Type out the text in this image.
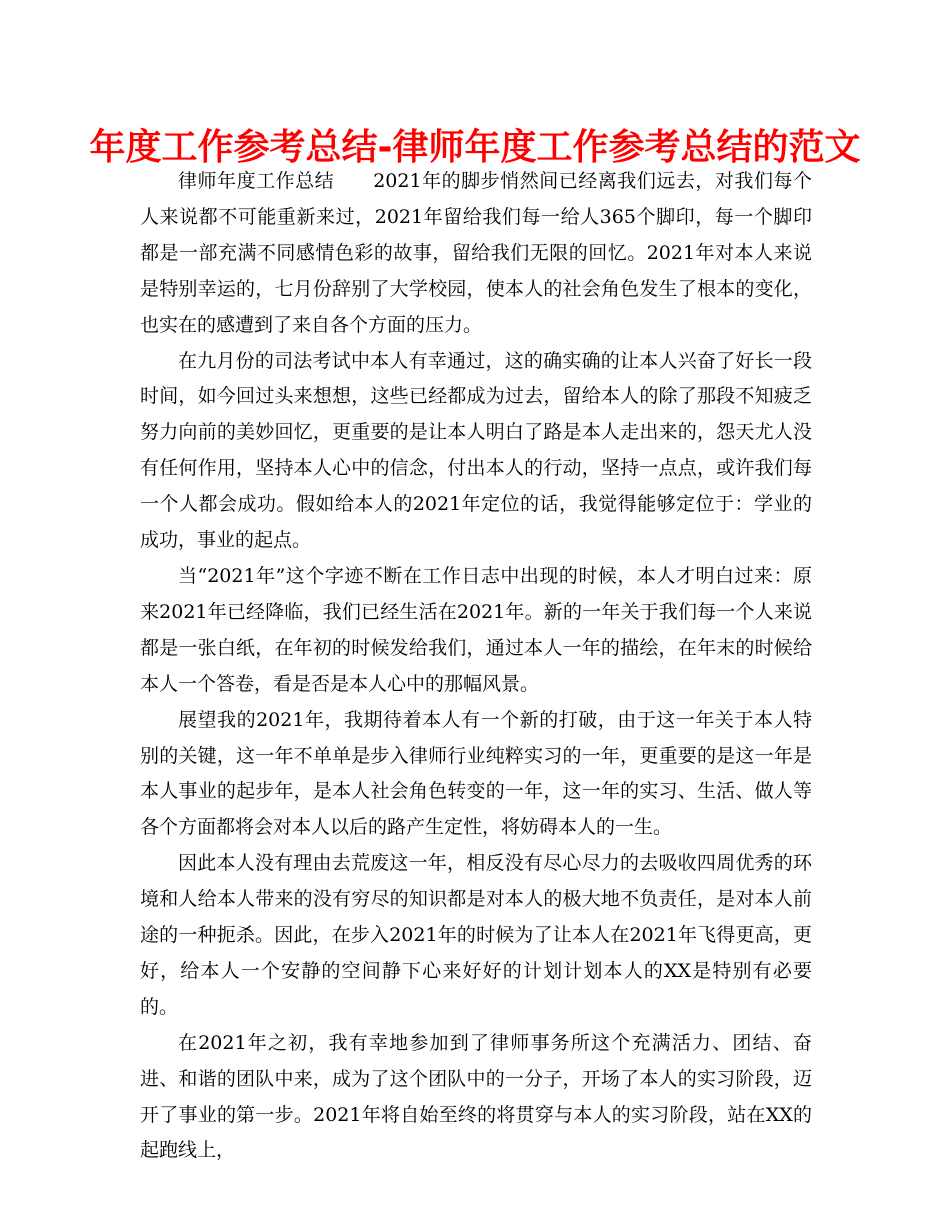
年度工作参考总结-律师年度工作参考总结的范文

律师年度工作总结　　2021年的脚步悄然间已经离我们远去，对我们每个人来说都不可能重新来过，2021年留给我们每一给人365个脚印，每一个脚印都是一部充满不同感情色彩的故事，留给我们无限的回忆。2021年对本人来说是特别幸运的，七月份辞别了大学校园，使本人的社会角色发生了根本的变化，也实在的感遭到了来自各个方面的压力。

在九月份的司法考试中本人有幸通过，这的确实确的让本人兴奋了好长一段时间，如今回过头来想想，这些已经都成为过去，留给本人的除了那段不知疲乏努力向前的美妙回忆，更重要的是让本人明白了路是本人走出来的，怨天尤人没有任何作用，坚持本人心中的信念，付出本人的行动，坚持一点点，或许我们每一个人都会成功。假如给本人的2021年定位的话，我觉得能够定位于：学业的成功，事业的起点。

当“2021年”这个字迹不断在工作日志中出现的时候，本人才明白过来：原来2021年已经降临，我们已经生活在2021年。新的一年关于我们每一个人来说都是一张白纸，在年初的时候发给我们，通过本人一年的描绘，在年末的时候给本人一个答卷，看是否是本人心中的那幅风景。

展望我的2021年，我期待着本人有一个新的打破，由于这一年关于本人特别的关键，这一年不单单是步入律师行业纯粹实习的一年，更重要的是这一年是本人事业的起步年，是本人社会角色转变的一年，这一年的实习、生活、做人等各个方面都将会对本人以后的路产生定性，将妨碍本人的一生。

因此本人没有理由去荒废这一年，相反没有尽心尽力的去吸收四周优秀的环境和人给本人带来的没有穷尽的知识都是对本人的极大地不负责任，是对本人前途的一种扼杀。因此，在步入2021年的时候为了让本人在2021年飞得更高，更好，给本人一个安静的空间静下心来好好的计划计划本人的XX是特别有必要的。

在2021年之初，我有幸地参加到了律师事务所这个充满活力、团结、奋进、和谐的团队中来，成为了这个团队中的一分子，开场了本人的实习阶段，迈开了事业的第一步。2021年将自始至终的将贯穿与本人的实习阶段，站在XX的起跑线上，
